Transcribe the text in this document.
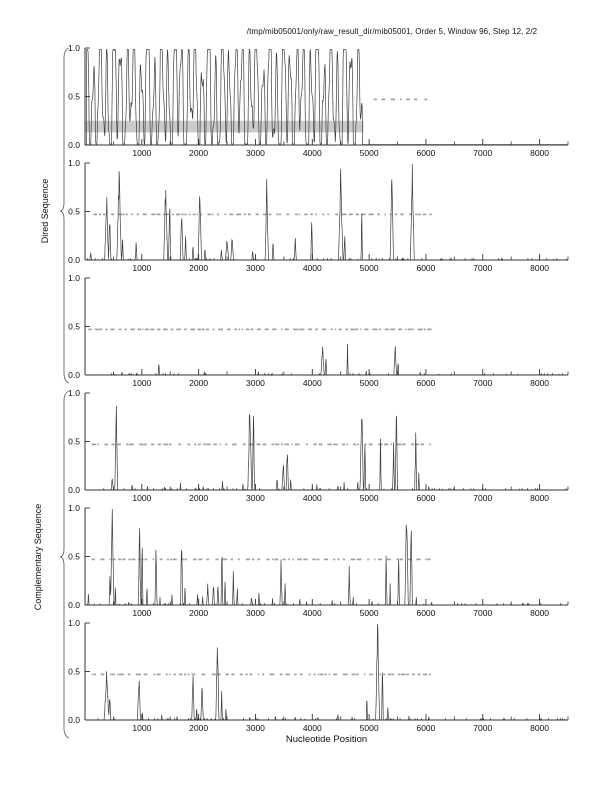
/tmp/mib05001/only/raw_result_dir/mib05001, Order 5, Window 96, Step 12, 2/2
0.0
0.5
1.0
1000	2000	3000	4000	5000	6000	7000	8000
0.0
0.5
1.0
1000	2000	3000	4000	5000	6000	7000	8000
0.0
0.5
1.0
1000	2000	3000	4000	5000	6000	7000	8000
0.0
0.5
1.0
1000	2000	3000	4000	5000	6000	7000	8000
0.0
0.5
1.0
1000	2000	3000	4000	5000	6000	7000	8000
0.0
0.5
1.0
1000	2000	3000	4000	5000	6000	7000	8000
Dired Sequence
Complementary Sequence
Nucleotide Position
